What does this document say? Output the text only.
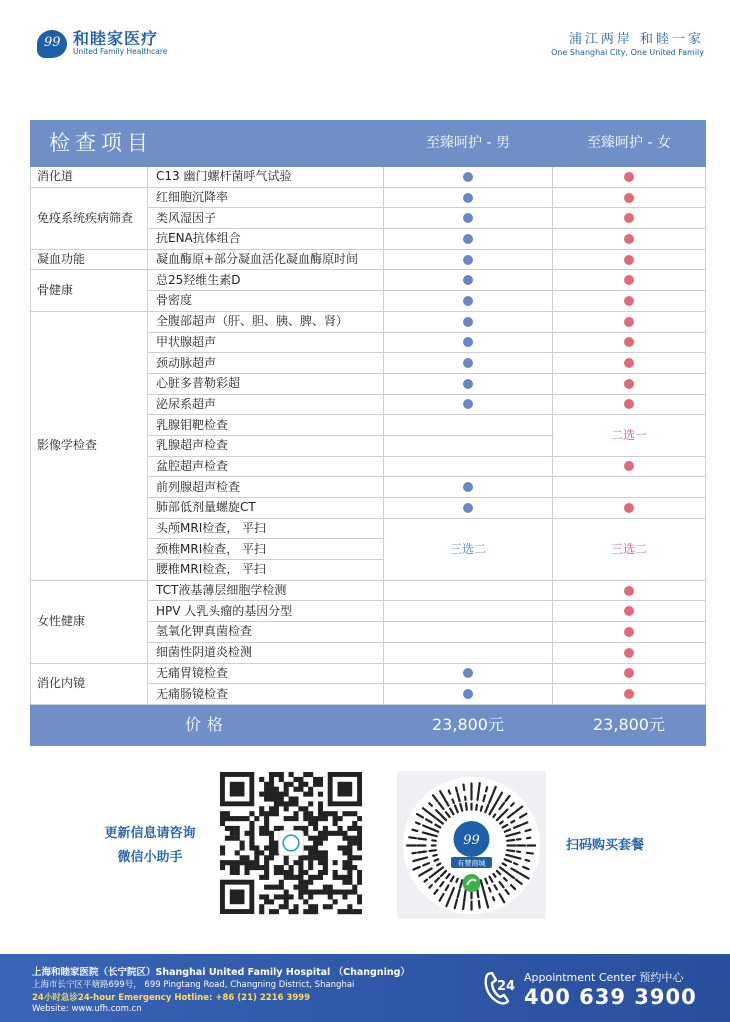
99 和睦家医疗
United Family Healthcare
浦江两岸 和睦一家
One Shanghai City, One United Family
检查项目		至臻呵护 - 男	至臻呵护 - 女
消化道	C13 幽门螺杆菌呼气试验		
免疫系统疾病筛查	红细胞沉降率		
	类风湿因子		
	抗ENA抗体组合		
凝血功能	凝血酶原+部分凝血活化凝血酶原时间		
骨健康	总25羟维生素D		
	骨密度		
影像学检查	全腹部超声（肝、胆、胰、脾、肾）		
	甲状腺超声		
	颈动脉超声		
	心脏多普勒彩超		
	泌尿系超声		
	乳腺钼靶检查		二选一
	乳腺超声检查		
	盆腔超声检查		
	前列腺超声检查		
	肺部低剂量螺旋CT		
	头颅MRI检查， 平扫	三选二	三选二
	颈椎MRI检查， 平扫		
	腰椎MRI检查， 平扫		
女性健康	TCT液基薄层细胞学检测		
	HPV 人乳头瘤的基因分型		
	氢氧化钾真菌检查		
	细菌性阴道炎检测		
消化内镜	无痛胃镜检查		
	无痛肠镜检查		
价格		23,800元	23,800元
更新信息请咨询
微信小助手
99
有赞商城
扫码购买套餐
上海和睦家医院（长宁院区）Shanghai United Family Hospital （Changning）
上海市长宁区平塘路699号， 699 Pingtang Road, Changning District, Shanghai
24小时急诊24-hour Emergency Hotline: +86 (21) 2216 3999
Website: www.ufh.com.cn
24
Appointment Center 预约中心
400 639 3900
